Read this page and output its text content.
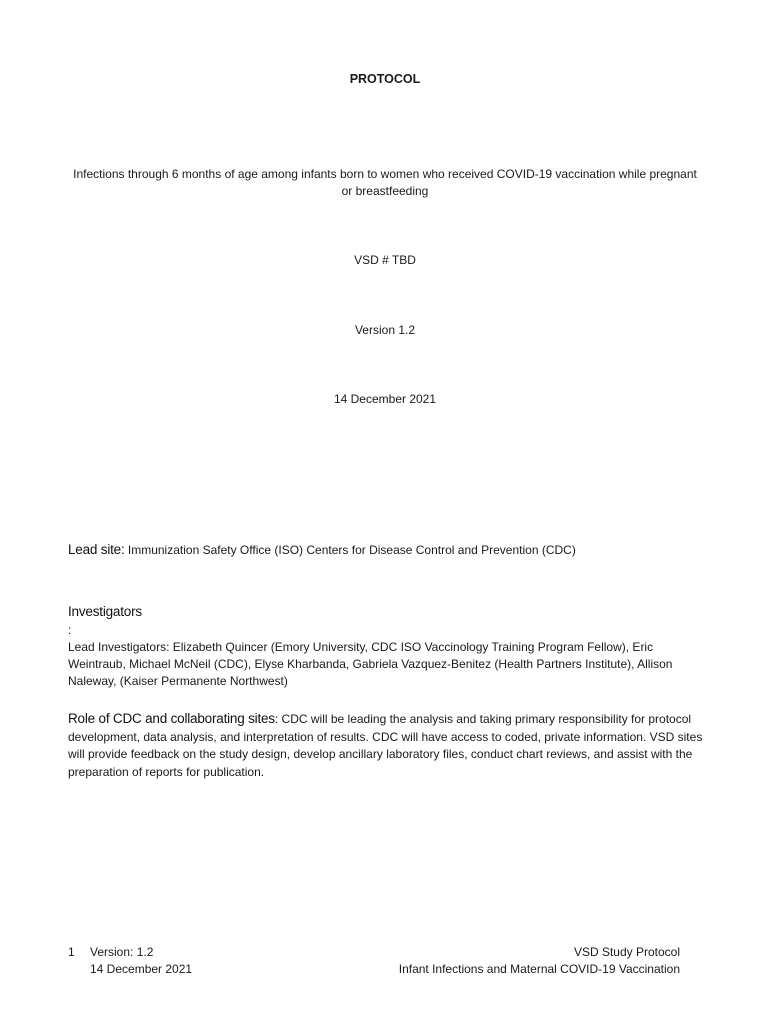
PROTOCOL
Infections through 6 months of age among infants born to women who received COVID-19 vaccination while pregnant or breastfeeding
VSD # TBD
Version 1.2
14 December 2021
Lead site: Immunization Safety Office (ISO) Centers for Disease Control and Prevention (CDC)
Investigators
:
Lead Investigators: Elizabeth Quincer (Emory University, CDC ISO Vaccinology Training Program Fellow), Eric Weintraub, Michael McNeil (CDC), Elyse Kharbanda, Gabriela Vazquez-Benitez (Health Partners Institute), Allison Naleway, (Kaiser Permanente Northwest)
Role of CDC and collaborating sites: CDC will be leading the analysis and taking primary responsibility for protocol development, data analysis, and interpretation of results. CDC will have access to coded, private information. VSD sites will provide feedback on the study design, develop ancillary laboratory files, conduct chart reviews, and assist with the preparation of reports for publication.
1 Version: 1.2
14 December 2021
VSD Study Protocol
Infant Infections and Maternal COVID-19 Vaccination
